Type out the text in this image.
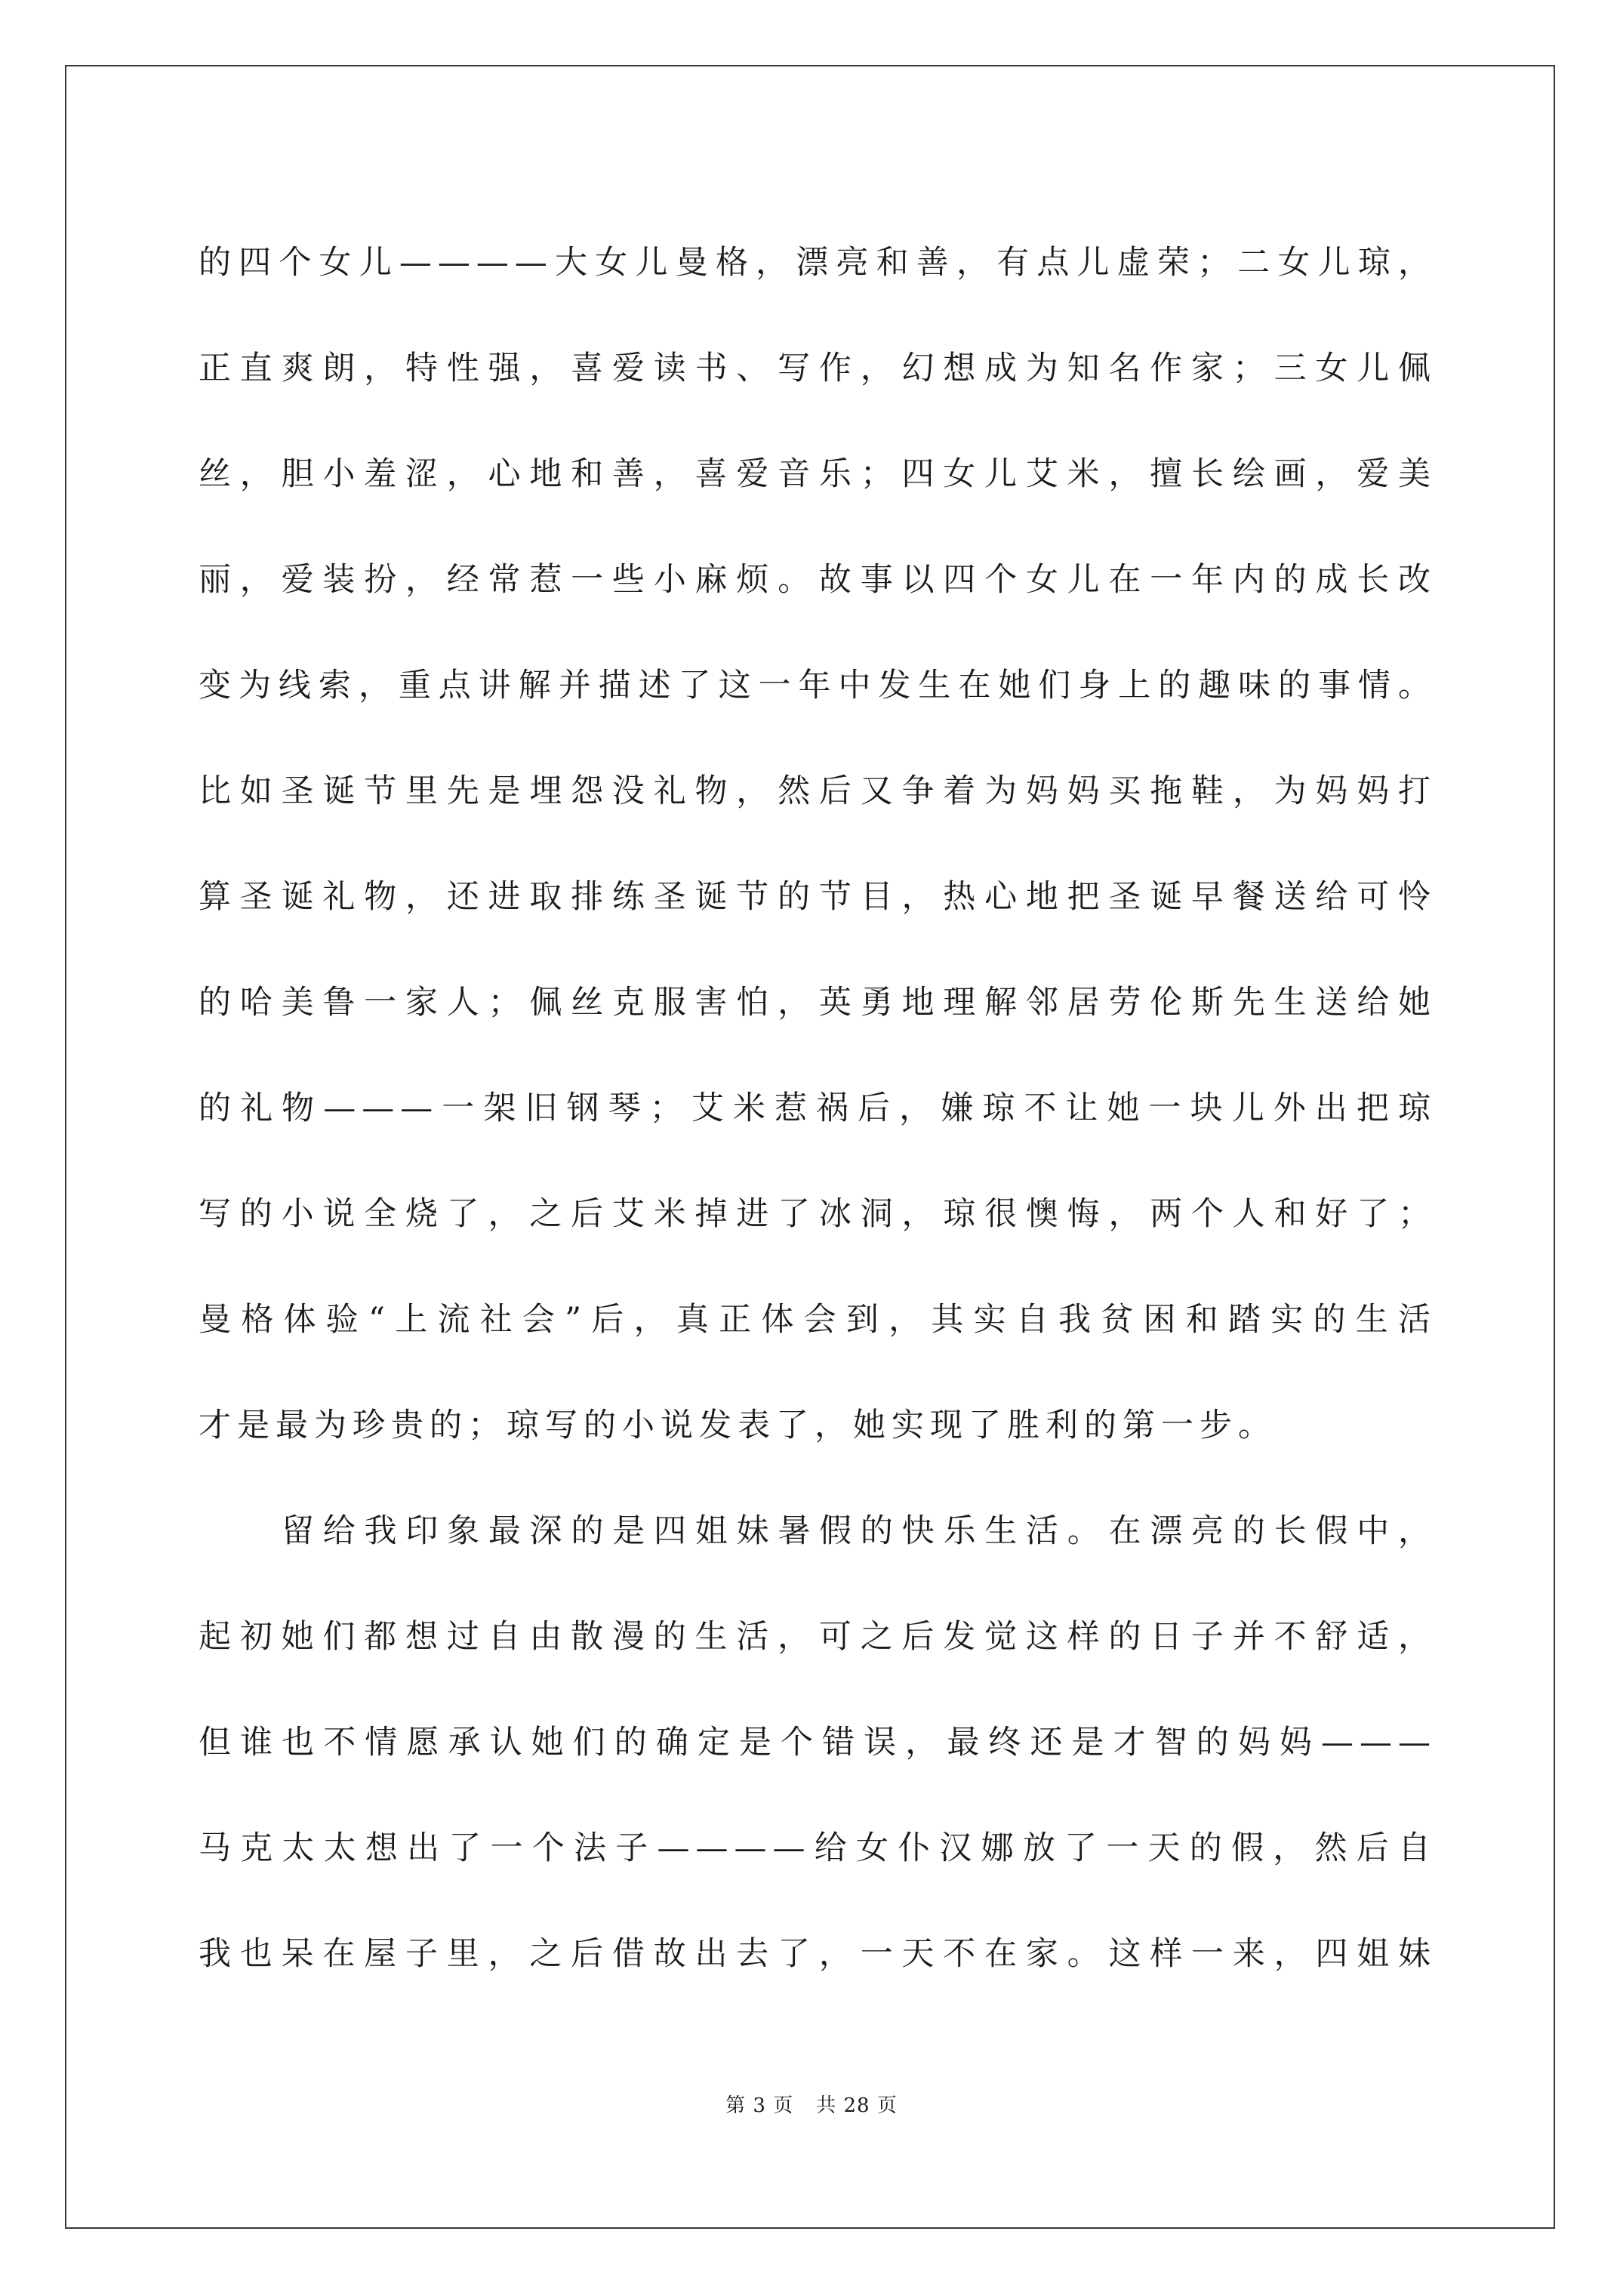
的四个女儿————大女儿曼格，漂亮和善，有点儿虚荣；二女儿琼，
正直爽朗，特性强，喜爱读书、写作，幻想成为知名作家；三女儿佩
丝，胆小羞涩，心地和善，喜爱音乐；四女儿艾米，擅长绘画，爱美
丽，爱装扮，经常惹一些小麻烦。故事以四个女儿在一年内的成长改
变为线索，重点讲解并描述了这一年中发生在她们身上的趣味的事情。
比如圣诞节里先是埋怨没礼物，然后又争着为妈妈买拖鞋，为妈妈打
算圣诞礼物，还进取排练圣诞节的节目，热心地把圣诞早餐送给可怜
的哈美鲁一家人；佩丝克服害怕，英勇地理解邻居劳伦斯先生送给她
的礼物———一架旧钢琴；艾米惹祸后，嫌琼不让她一块儿外出把琼
写的小说全烧了，之后艾米掉进了冰洞，琼很懊悔，两个人和好了；
曼格体验“上流社会”后，真正体会到，其实自我贫困和踏实的生活
才是最为珍贵的；琼写的小说发表了，她实现了胜利的第一步。
留给我印象最深的是四姐妹暑假的快乐生活。在漂亮的长假中，
起初她们都想过自由散漫的生活，可之后发觉这样的日子并不舒适，
但谁也不情愿承认她们的确定是个错误，最终还是才智的妈妈———
马克太太想出了一个法子————给女仆汉娜放了一天的假，然后自
我也呆在屋子里，之后借故出去了，一天不在家。这样一来，四姐妹
第 3 页 共 28 页
